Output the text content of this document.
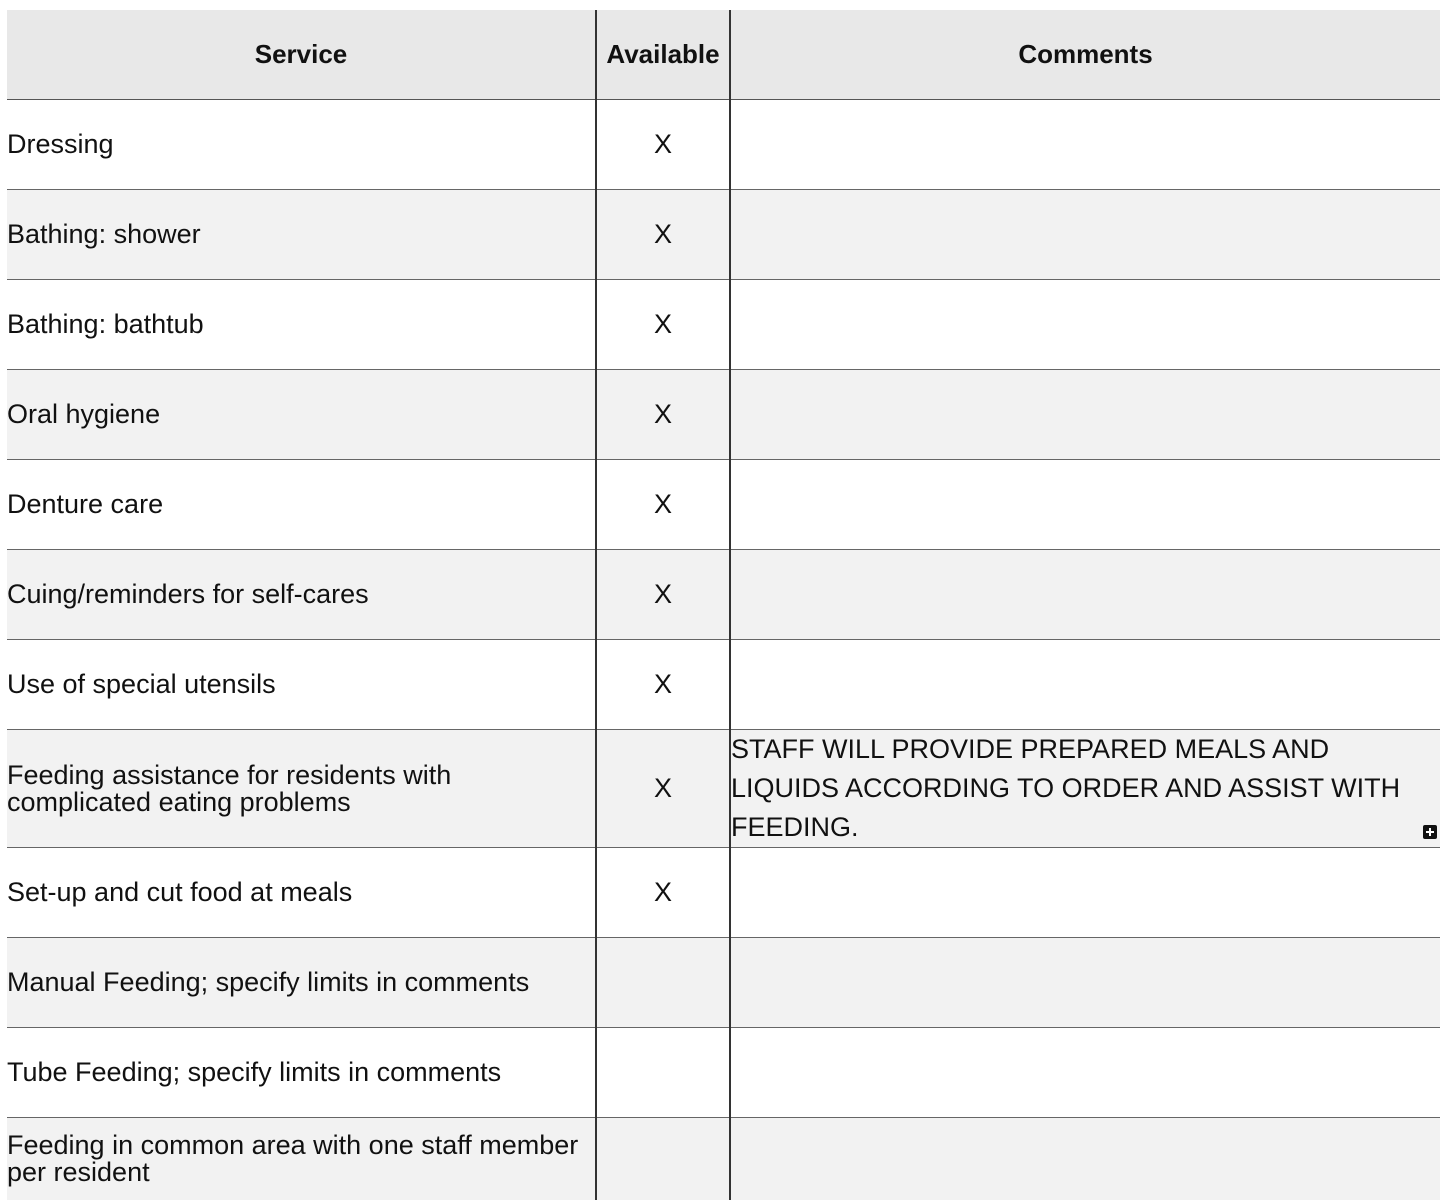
Service	Available	Comments
Dressing	X	
Bathing: shower	X	
Bathing: bathtub	X	
Oral hygiene	X	
Denture care	X	
Cuing/reminders for self-cares	X	
Use of special utensils	X	
Feeding assistance for residents with complicated eating problems	X	STAFF WILL PROVIDE PREPARED MEALS AND LIQUIDS ACCORDING TO ORDER AND ASSIST WITH FEEDING.

Set-up and cut food at meals	X	
Manual Feeding; specify limits in comments		
Tube Feeding; specify limits in comments		
Feeding in common area with one staff member per resident		
